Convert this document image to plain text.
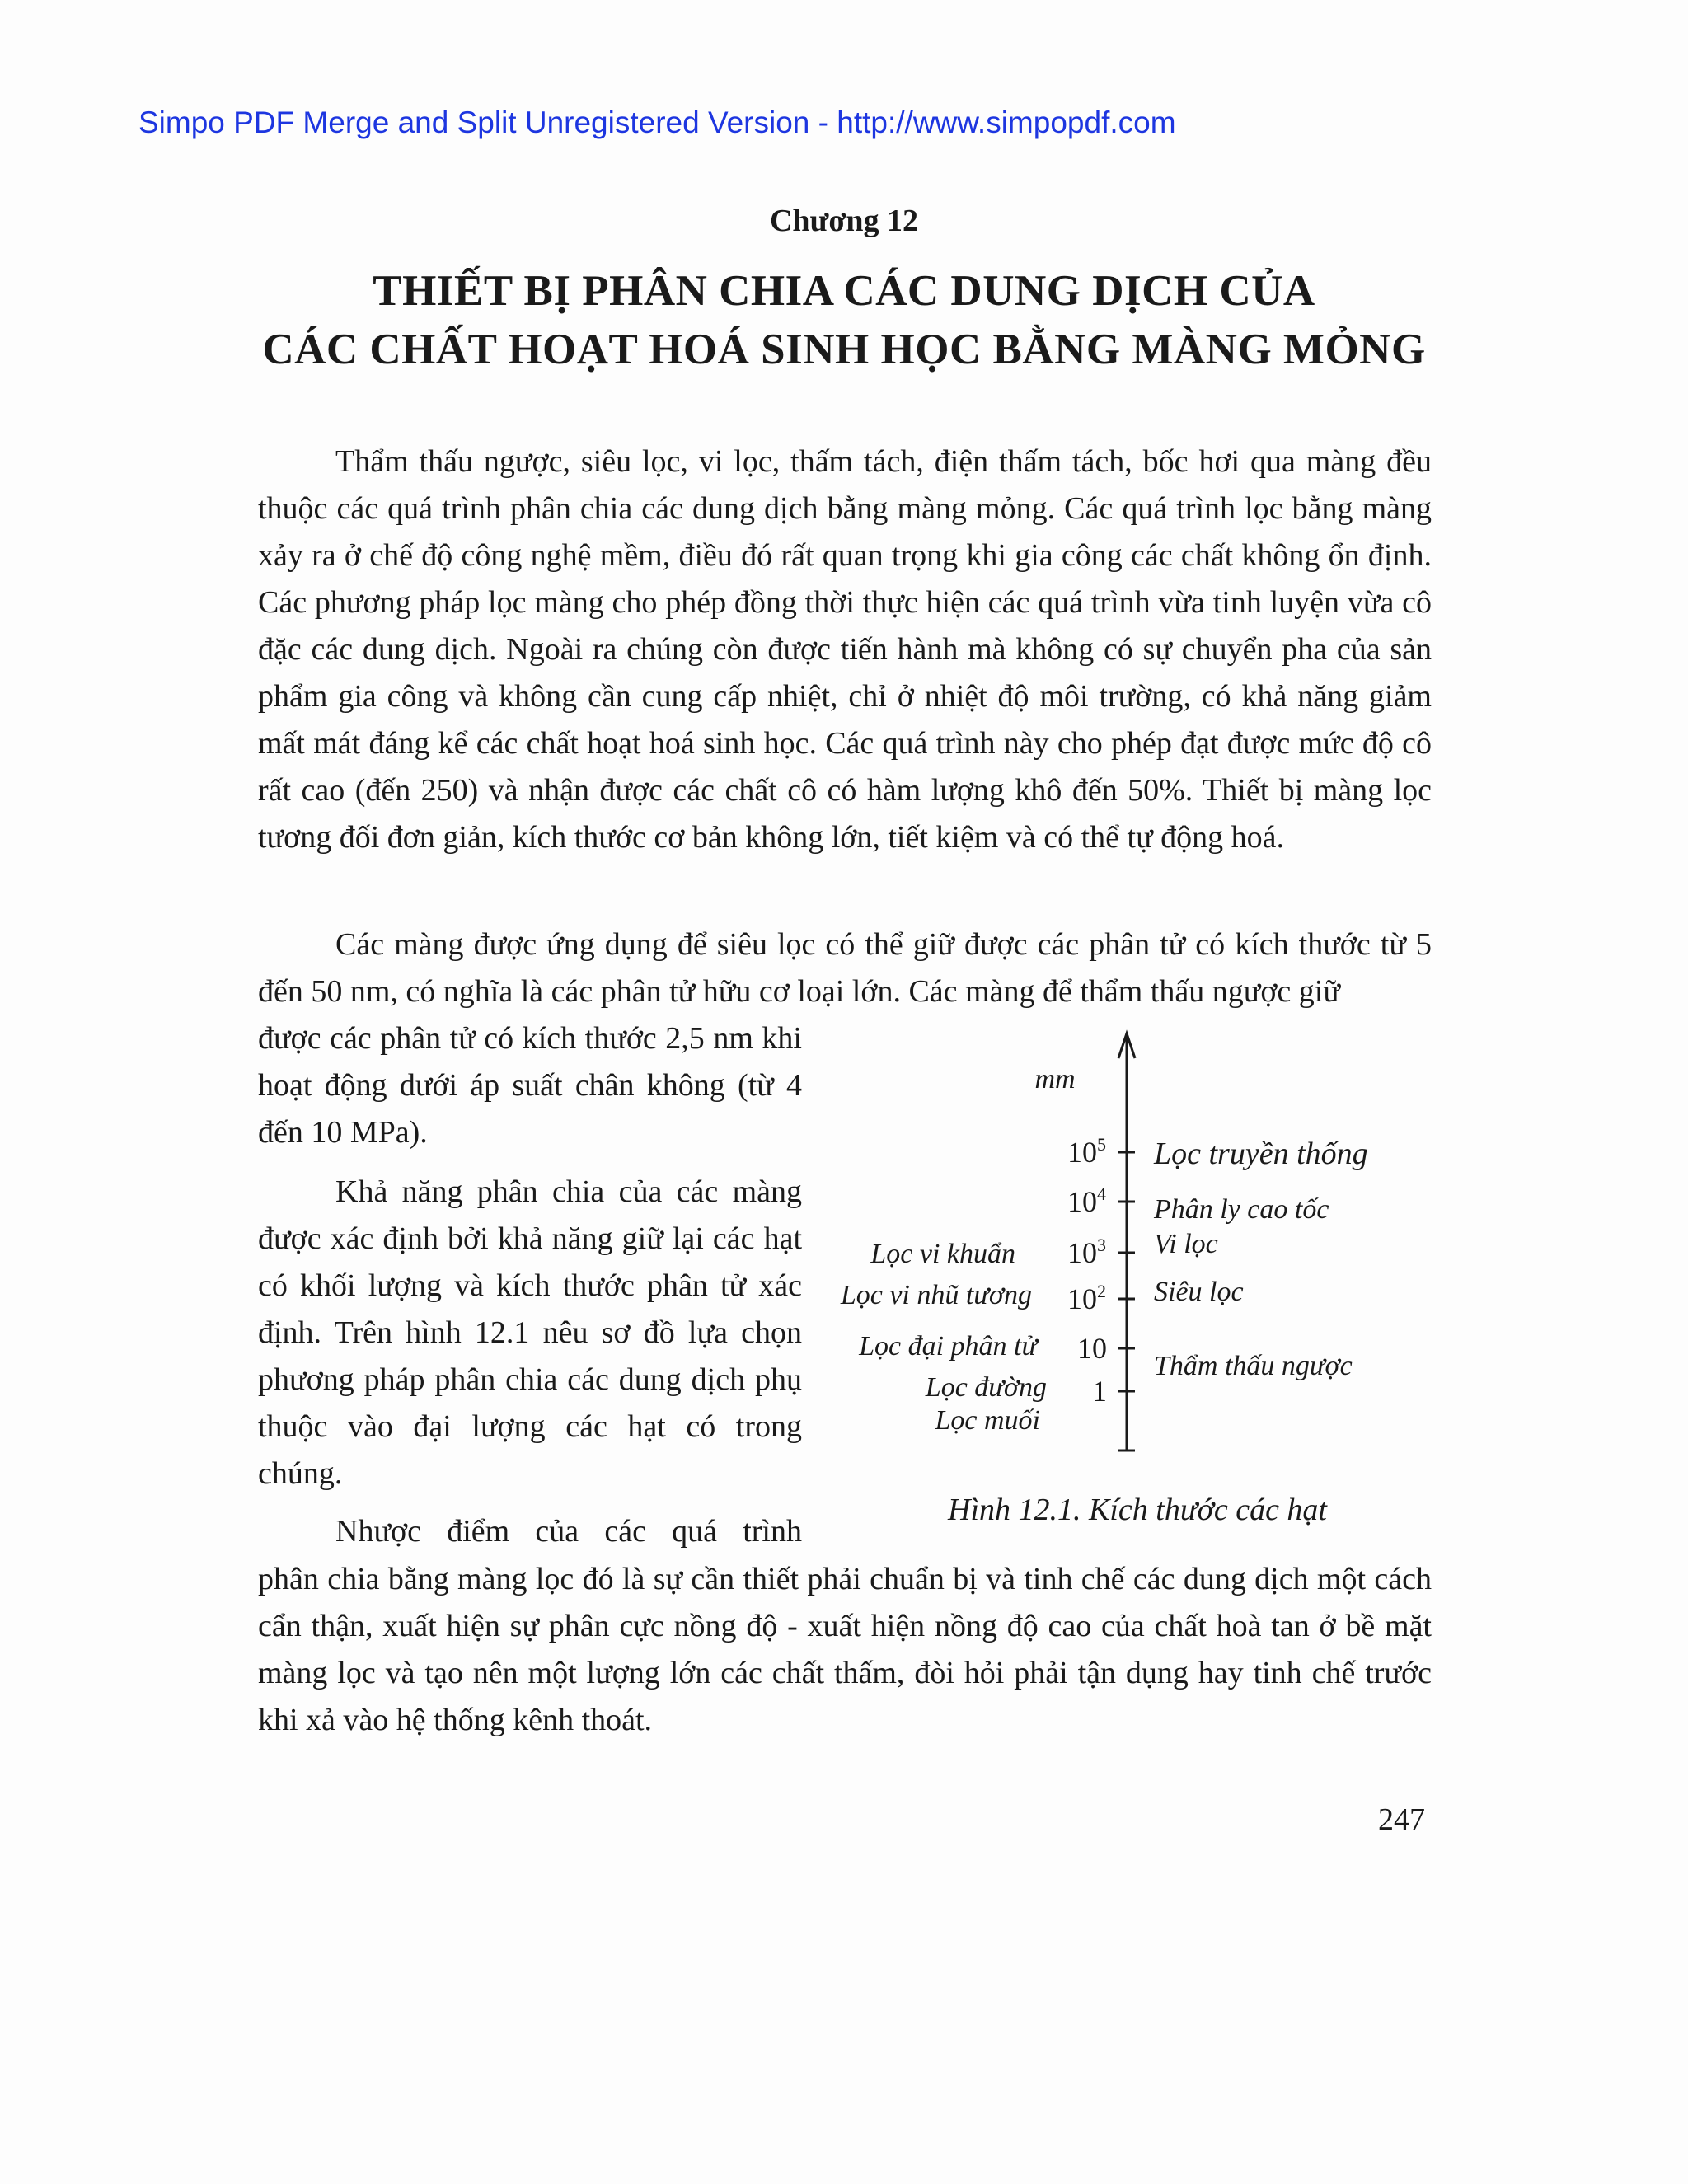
Simpo PDF Merge and Split Unregistered Version - http://www.simpopdf.com
Chương 12
THIẾT BỊ PHÂN CHIA CÁC DUNG DỊCH CỦA
CÁC CHẤT HOẠT HOÁ SINH HỌC BẰNG MÀNG MỎNG

Thẩm thấu ngược, siêu lọc, vi lọc, thấm tách, điện thấm tách, bốc hơi qua màng đều thuộc các quá trình phân chia các dung dịch bằng màng mỏng. Các quá trình lọc bằng màng xảy ra ở chế độ công nghệ mềm, điều đó rất quan trọng khi gia công các chất không ổn định. Các phương pháp lọc màng cho phép đồng thời thực hiện các quá trình vừa tinh luyện vừa cô đặc các dung dịch. Ngoài ra chúng còn được tiến hành mà không có sự chuyển pha của sản phẩm gia công và không cần cung cấp nhiệt, chỉ ở nhiệt độ môi trường, có khả năng giảm mất mát đáng kể các chất hoạt hoá sinh học. Các quá trình này cho phép đạt được mức độ cô rất cao (đến 250) và nhận được các chất cô có hàm lượng khô đến 50%. Thiết bị màng lọc tương đối đơn giản, kích thước cơ bản không lớn, tiết kiệm và có thể tự động hoá.

Các màng được ứng dụng để siêu lọc có thể giữ được các phân tử có kích thước từ 5 đến 50 nm, có nghĩa là các phân tử hữu cơ loại lớn. Các màng để thẩm thấu ngược giữ

được các phân tử có kích thước 2,5 nm khi hoạt động dưới áp suất chân không (từ 4 đến 10 MPa).

Khả năng phân chia của các màng được xác định bởi khả năng giữ lại các hạt có khối lượng và kích thước phân tử xác định. Trên hình 12.1 nêu sơ đồ lựa chọn phương pháp phân chia các dung dịch phụ thuộc vào đại lượng các hạt có trong chúng.

Nhược điểm của các quá trình

phân chia bằng màng lọc đó là sự cần thiết phải chuẩn bị và tinh chế các dung dịch một cách cẩn thận, xuất hiện sự phân cực nồng độ - xuất hiện nồng độ cao của chất hoà tan ở bề mặt màng lọc và tạo nên một lượng lớn các chất thấm, đòi hỏi phải tận dụng hay tinh chế trước khi xả vào hệ thống kênh thoát.

mm
$10^5$
$10^4$
$10^3$
$10^2$
10
1
Lọc truyền thống
Phân ly cao tốc
Vi lọc
Siêu lọc
Thẩm thấu ngược
Lọc vi khuẩn
Lọc vi nhũ tương
Lọc đại phân tử
Lọc đường
Lọc muối
Hình 12.1. Kích thước các hạt
247
